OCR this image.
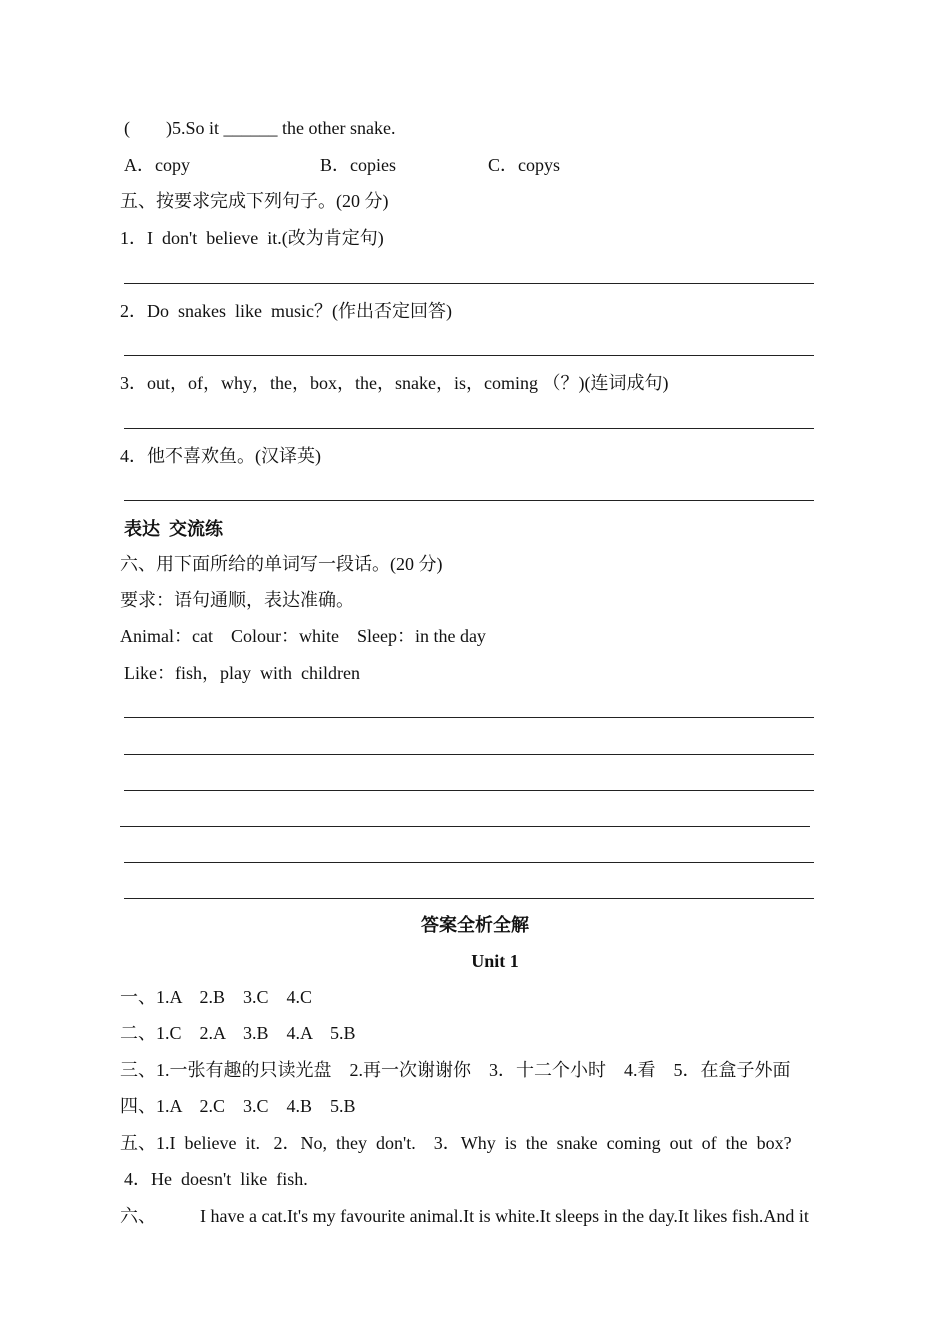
(        )5.So it ______ the other snake.
A．copy	B．copies	C．copys
五、按要求完成下列句子。(20 分)
1．I  don't  believe  it.(改为肯定句)
2．Do  snakes  like  music？(作出否定回答)
3．out，of，why，the，box，the，snake，is，coming （？)(连词成句)
4．他不喜欢鱼。(汉译英)
表达  交流练
六、用下面所给的单词写一段话。(20 分)
要求：语句通顺，表达准确。
Animal：cat    Colour：white    Sleep：in the day
Like：fish，play  with  children
答案全析全解
Unit 1
一、1.A    2.B    3.C    4.C
二、1.C    2.A    3.B    4.A    5.B
三、1.一张有趣的只读光盘    2.再一次谢谢你    3．十二个小时    4.看    5．在盒子外面
四、1.A    2.C    3.C    4.B    5.B
五、1.I  believe  it.   2．No,  they  don't.    3．Why  is  the  snake  coming  out  of  the  box?
4．He  doesn't  like  fish.
六、 I have a cat.It's my favourite animal.It is white.It sleeps in the day.It likes fish.And it
